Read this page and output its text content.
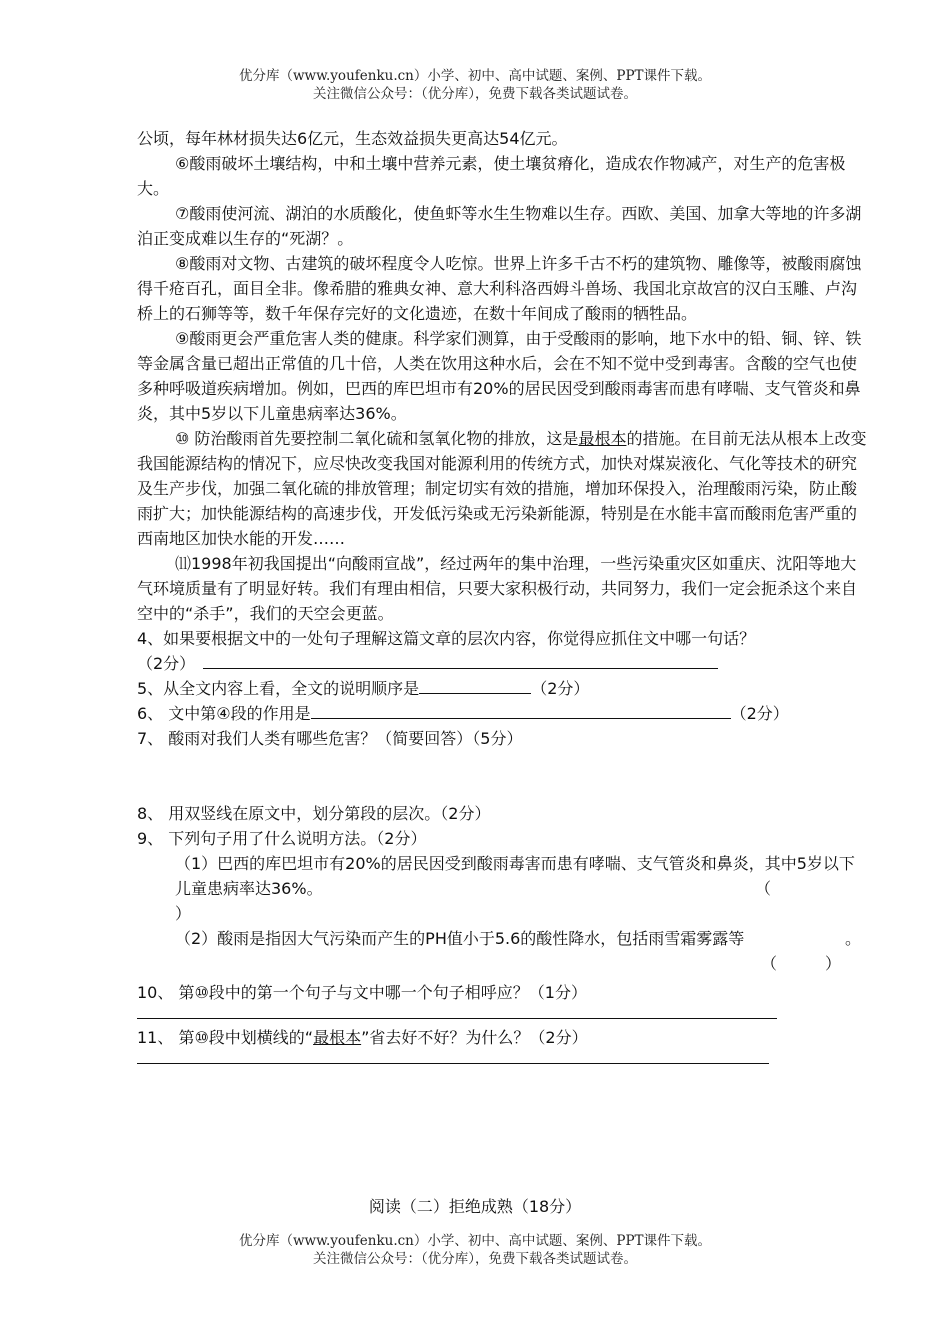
优分库（www.youfenku.cn）小学、初中、高中试题、案例、PPT课件下载。
关注微信公众号：（优分库），免费下载各类试题试卷。

公顷，每年林材损失达6亿元，生态效益损失更高达54亿元。

⑥酸雨破坏土壤结构，中和土壤中营养元素，使土壤贫瘠化，造成农作物减产，对生产的危害极大。

⑦酸雨使河流、湖泊的水质酸化，使鱼虾等水生生物难以生存。西欧、美国、加拿大等地的许多湖泊正变成难以生存的“死湖？。

⑧酸雨对文物、古建筑的破坏程度令人吃惊。世界上许多千古不朽的建筑物、雕像等，被酸雨腐蚀得千疮百孔，面目全非。像希腊的雅典女神、意大利科洛西姆斗兽场、我国北京故宫的汉白玉雕、卢沟桥上的石狮等等，数千年保存完好的文化遗迹，在数十年间成了酸雨的牺牲品。

⑨酸雨更会严重危害人类的健康。科学家们测算，由于受酸雨的影响，地下水中的铅、铜、锌、铁等金属含量已超出正常值的几十倍，人类在饮用这种水后，会在不知不觉中受到毒害。含酸的空气也使多种呼吸道疾病增加。例如，巴西的库巴坦市有20%的居民因受到酸雨毒害而患有哮喘、支气管炎和鼻炎，其中5岁以下儿童患病率达36%。

⑩ 防治酸雨首先要控制二氧化硫和氢氧化物的排放，这是最根本的措施。在目前无法从根本上改变我国能源结构的情况下，应尽快改变我国对能源利用的传统方式，加快对煤炭液化、气化等技术的研究及生产步伐，加强二氧化硫的排放管理；制定切实有效的措施，增加环保投入，治理酸雨污染，防止酸雨扩大；加快能源结构的高速步伐，开发低污染或无污染新能源，特别是在水能丰富而酸雨危害严重的西南地区加快水能的开发……

⑾1998年初我国提出“向酸雨宣战”，经过两年的集中治理，一些污染重灾区如重庆、沈阳等地大气环境质量有了明显好转。我们有理由相信，只要大家积极行动，共同努力，我们一定会扼杀这个来自空中的“杀手”，我们的天空会更蓝。

4、如果要根据文中的一处句子理解这篇文章的层次内容，你觉得应抓住文中哪一句话？

（2分）　

5、从全文内容上看，全文的说明顺序是	（2分）

6、 文中第④段的作用是	（2分）

7、 酸雨对我们人类有哪些危害？（简要回答）（5分）

8、 用双竖线在原文中，划分第段的层次。（2分）

9、 下列句子用了什么说明方法。（2分）

（1）巴西的库巴坦市有20%的居民因受到酸雨毒害而患有哮喘、支气管炎和鼻炎，其中5岁以下儿童患病率达36%。	（
）
（2）酸雨是指因大气污染而产生的PH值小于5.6的酸性降水，包括雨雪霜雾露等	。
（　　　）

10、 第⑩段中的第一个句子与文中哪一个句子相呼应？（1分）

11、 第⑩段中划横线的“最根本”省去好不好？为什么？（2分）

阅读（二）拒绝成熟（18分）
优分库（www.youfenku.cn）小学、初中、高中试题、案例、PPT课件下载。
关注微信公众号：（优分库），免费下载各类试题试卷。
